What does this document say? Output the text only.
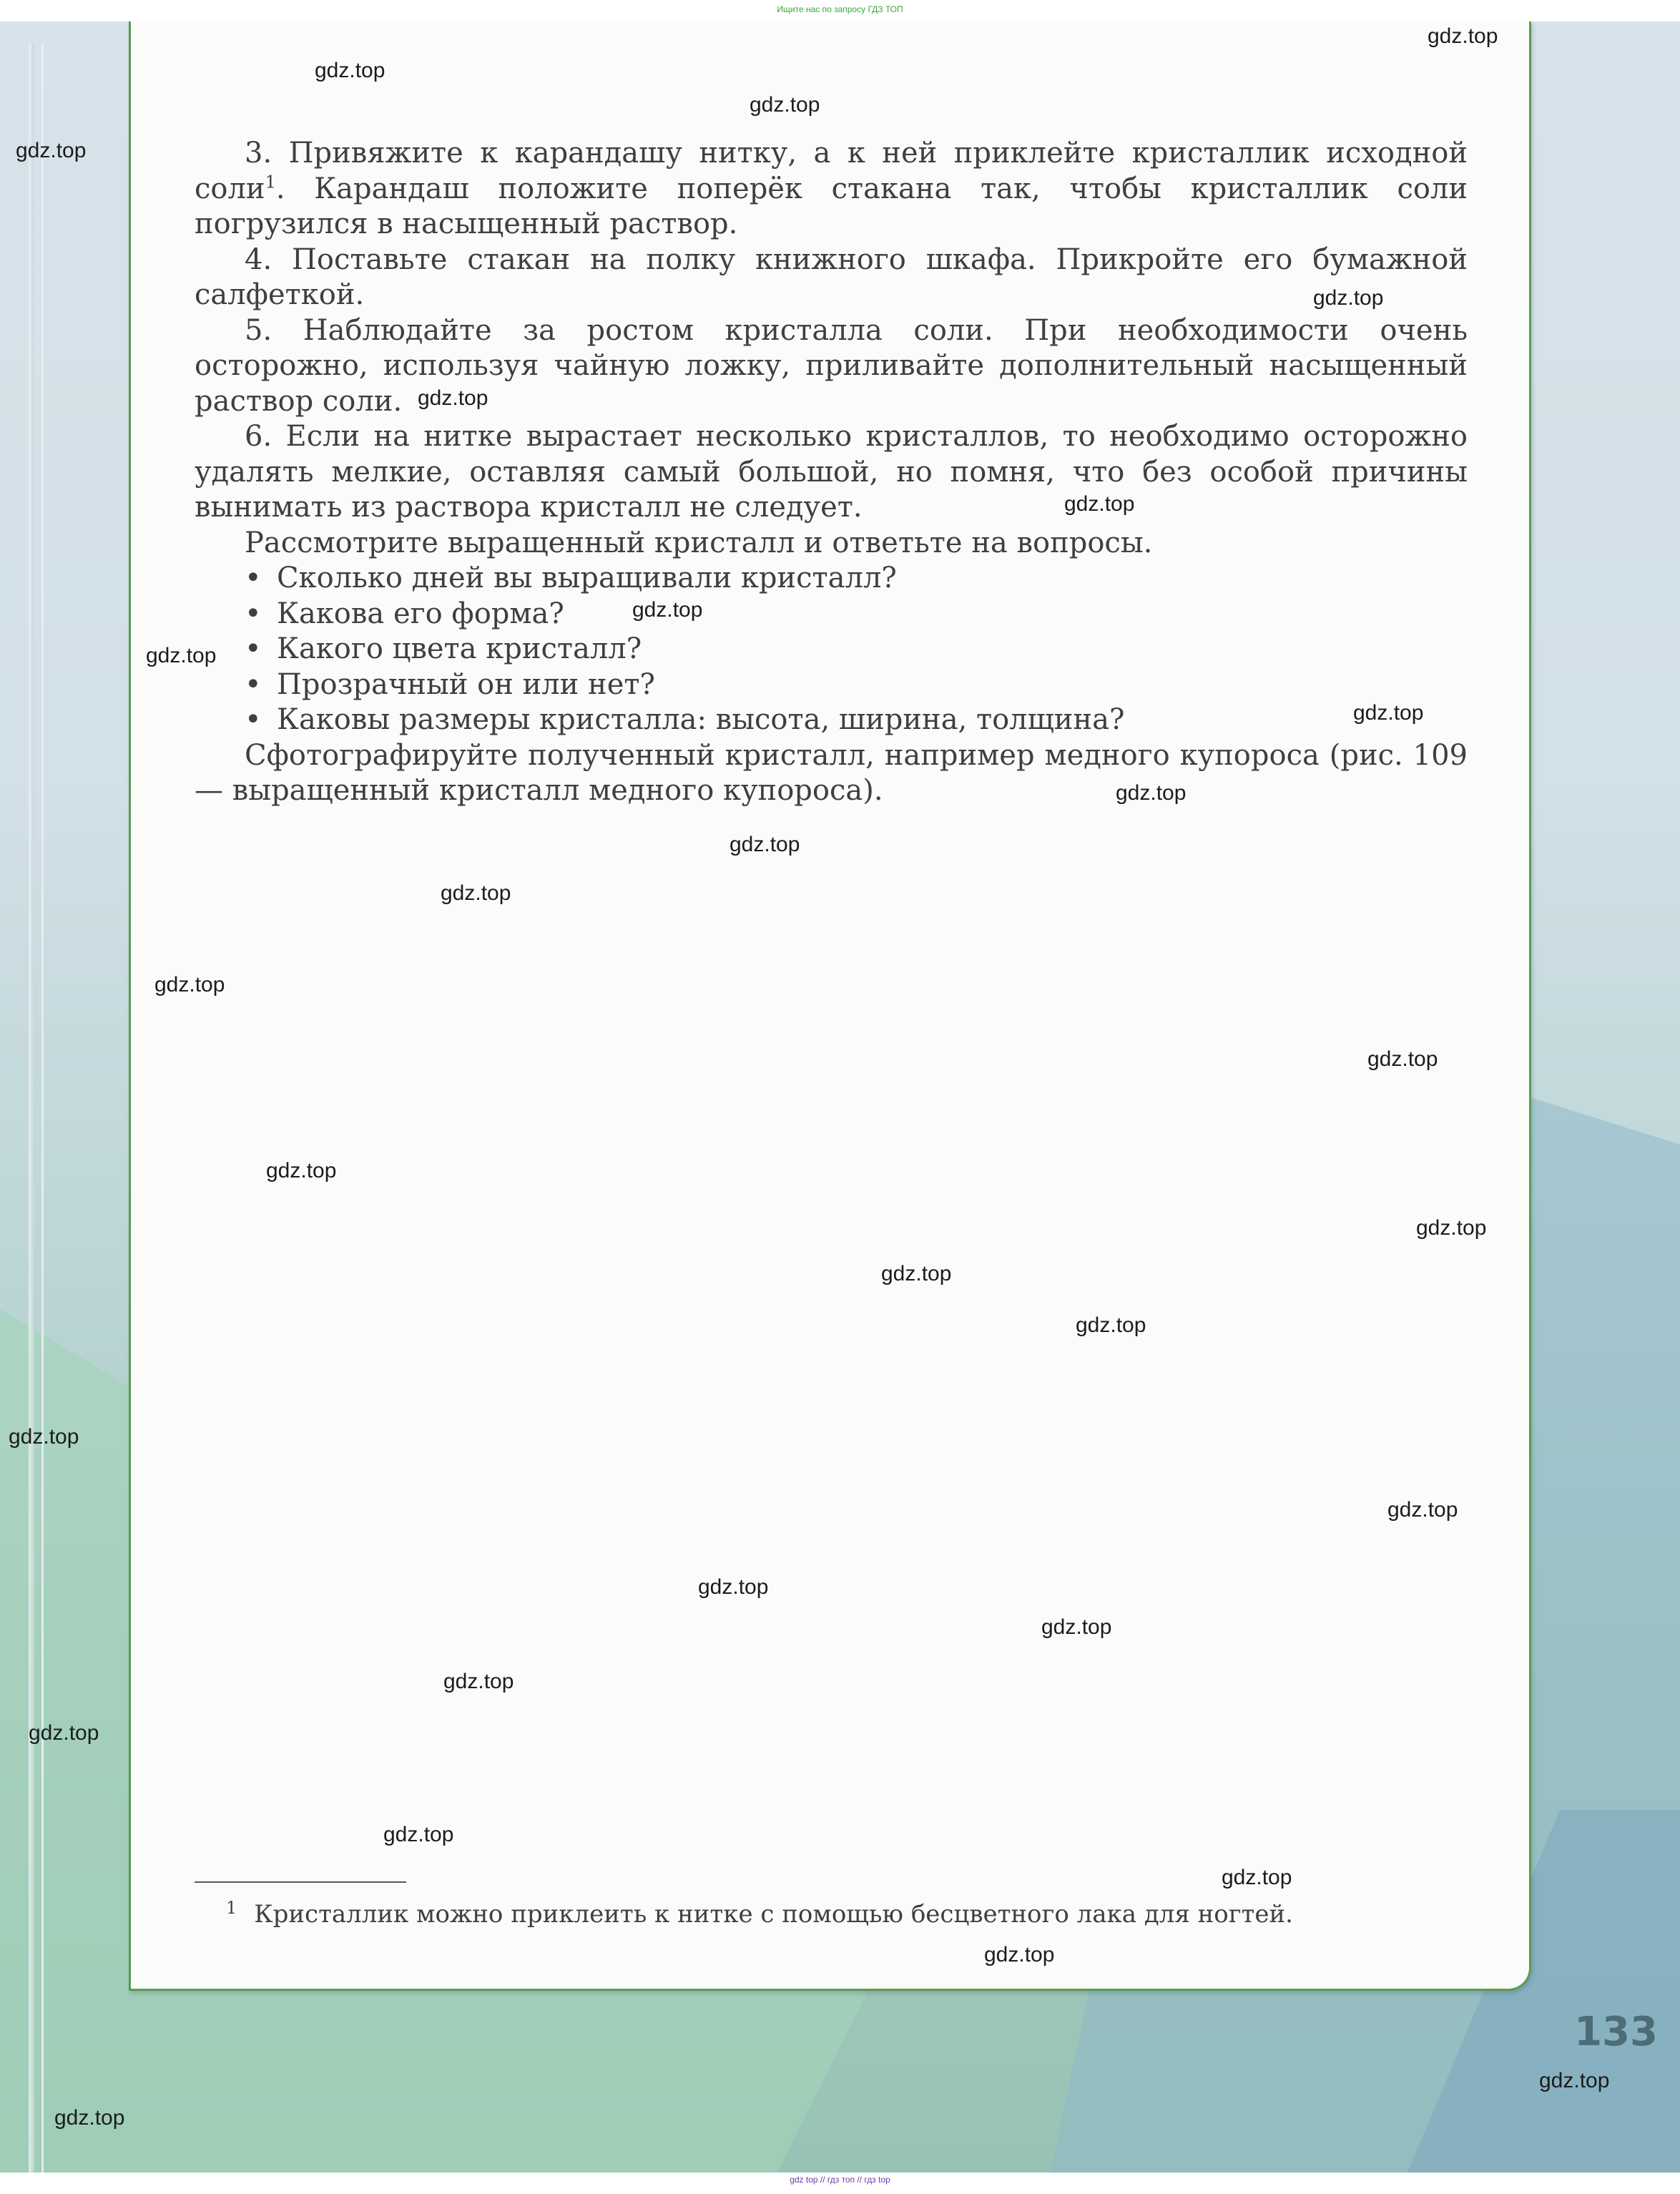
Ищите нас по запросу ГДЗ ТОП

3. Привяжите к карандашу нитку, а к ней приклейте кристаллик исходной соли$^1$. Карандаш положите поперёк стакана так, чтобы кристаллик соли погрузился в насыщенный раствор.

4. Поставьте стакан на полку книжного шкафа. Прикройте его бумажной салфеткой.

5. Наблюдайте за ростом кристалла соли. При необходимости очень осторожно, используя чайную ложку, приливайте дополнительный насыщенный раствор соли.

6. Если на нитке вырастает несколько кристаллов, то необходимо осторожно удалять мелкие, оставляя самый большой, но помня, что без особой причины вынимать из раствора кристалл не следует.

Рассмотрите выращенный кристалл и ответьте на вопросы.

• Сколько дней вы выращивали кристалл?

• Какова его форма?

• Какого цвета кристалл?

• Прозрачный он или нет?

• Каковы размеры кристалла: высота, ширина, толщина?

Сфотографируйте полученный кристалл, например медного купороса (рис. 109 — выращенный кристалл медного купороса).

$^1$ Кристаллик можно приклеить к нитке с помощью бесцветного лака для ногтей.
133
gdz top // гдз топ // гдз top
gdz.top
gdz.top
gdz.top
gdz.top
gdz.top
gdz.top
gdz.top
gdz.top
gdz.top
gdz.top
gdz.top
gdz.top
gdz.top
gdz.top
gdz.top
gdz.top
gdz.top
gdz.top
gdz.top
gdz.top
gdz.top
gdz.top
gdz.top
gdz.top
gdz.top
gdz.top
gdz.top
gdz.top
gdz.top
gdz.top
